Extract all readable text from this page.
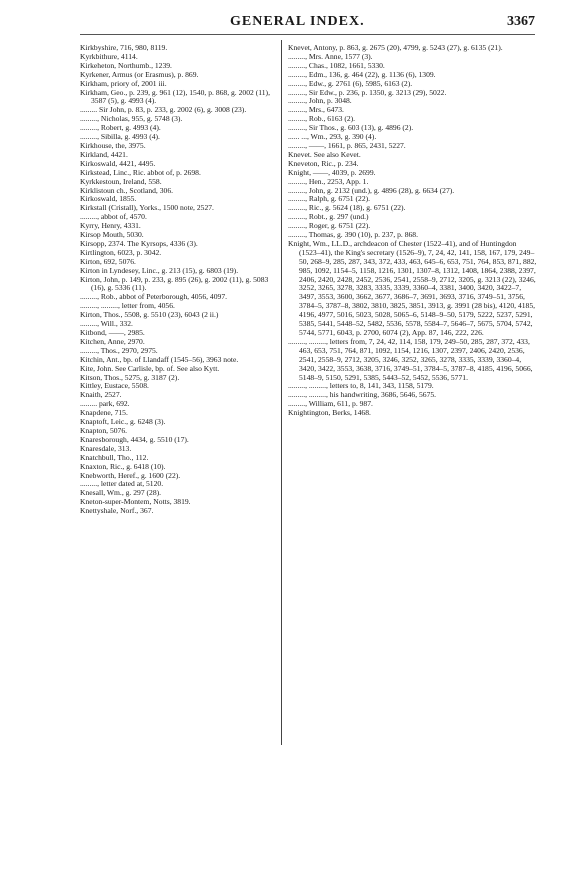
GENERAL INDEX.	3367
Kirkbyshire, 716, 980, 8119.
Kyrkbithure, 4114.
Kirkeheton, Northumb., 1239.
Kyrkener, Armus (or Erasmus), p. 869.
Kirkham, priory of, 2001 iii.
Kirkham, Geo., p. 239, g. 961 (12), 1540, p. 868, g. 2002 (11), 3587 (5), g. 4993 (4).
......... Sir John, p. 83, p. 233, g. 2002 (6), g. 3008 (23).
........., Nicholas, 955, g. 5748 (3).
........., Robert, g. 4993 (4).
........., Sibilla, g. 4993 (4).
Kirkhouse, the, 3975.
Kirkland, 4421.
Kirkoswald, 4421, 4495.
Kirkstead, Linc., Ric. abbot of, p. 2698.
Kyrkkestoun, Ireland, 558.
Kirklistoun ch., Scotland, 306.
Kirkoswald, 1855.
Kirkstall (Cristall), Yorks., 1500 note, 2527.
........., abbot of, 4570.
Kyrry, Henry, 4331.
Kirsop Mouth, 5030.
Kirsopp, 2374. The Kyrsops, 4336 (3).
Kirtlington, 6023, p. 3042.
Kirton, 692, 5076.
Kirton in Lyndesey, Linc., g. 213 (15), g. 6803 (19).
Kirton, John, p. 149, p. 233, g. 895 (26), g. 2002 (11), g. 5083 (16), g. 5336 (11).
........., Rob., abbot of Peterborough, 4056, 4097.
........., ........., letter from, 4056.
Kirton, Thos., 5508, g. 5510 (23), 6043 (2 ii.)
........., Will., 332.
Kitbond, ——, 2985.
Kitchen, Anne, 2970.
........., Thos., 2970, 2975.
Kitchin, Ant., bp. of Llandaff (1545–56), 3963 note.
Kite, John. See Carlisle, bp. of. See also Kytt.
Kitson, Thos., 5275, g. 3187 (2).
Kittley, Eustace, 5508.
Knaith, 2527.
......... park, 692.
Knapdene, 715.
Knaptoft, Leic., g. 6248 (3).
Knapton, 5076.
Knaresborough, 4434, g. 5510 (17).
Knaresdale, 313.
Knatchbull, Tho., 112.
Knaxton, Ric., g. 6418 (10).
Knebworth, Heref., g. 1600 (22).
........., letter dated at, 5120.
Knesall, Wm., g. 297 (28).
Kneton-super-Montem, Notts, 3819.
Knettyshale, Norf., 367.
Knevet, Antony, p. 863, g. 2675 (20), 4799, g. 5243 (27), g. 6135 (21).
........., Mrs. Anne, 1577 (3).
........., Chas., 1082, 1661, 5330.
........., Edm., 136, g. 464 (22), g. 1136 (6), 1309.
........., Edw., g. 2761 (6), 5985, 6163 (2).
........., Sir Edw., p. 236, p. 1350, g. 3213 (29), 5022.
........., John, p. 3048.
........., Mrs., 6473.
........., Rob., 6163 (2).
........., Sir Thos., g. 603 (13), g. 4896 (2).
...... ..., Wm., 293, g. 390 (4).
........., ——, 1661, p. 865, 2431, 5227.
Knevet. See also Kevet.
Kneveton, Ric., p. 234.
Knight, ——, 4039, p. 2699.
........., Hen., 2253, App. 1.
........., John, g. 2132 (und.), g. 4896 (28), g. 6634 (27).
........., Ralph, g. 6751 (22).
........., Ric., g. 5624 (18), g. 6751 (22).
........., Robt., g. 297 (und.)
........., Roger, g. 6751 (22).
........., Thomas, g. 390 (10), p. 237, p. 868.
Knight, Wm., LL.D., archdeacon of Chester (1522–41), and of Huntingdon (1523–41), the King's secretary (1526–9), 7, 24, 42, 141, 158, 167, 179, 249–50, 268–9, 285, 287, 343, 372, 433, 463, 645–6, 653, 751, 764, 853, 871, 882, 985, 1092, 1154–5, 1158, 1216, 1301, 1307–8, 1312, 1408, 1864, 2388, 2397, 2406, 2420, 2428, 2452, 2536, 2541, 2558–9, 2712, 3205, g. 3213 (22), 3246, 3252, 3265, 3278, 3283, 3335, 3339, 3360–4, 3381, 3400, 3420, 3422–7, 3497, 3553, 3600, 3662, 3677, 3686–7, 3691, 3693, 3716, 3749–51, 3756, 3784–5, 3787–8, 3802, 3810, 3825, 3851, 3913, g. 3991 (28 bis), 4120, 4185, 4196, 4977, 5016, 5023, 5028, 5065–6, 5148–9–50, 5179, 5222, 5237, 5291, 5385, 5441, 5448–52, 5482, 5536, 5578, 5584–7, 5646–7, 5675, 5704, 5742, 5744, 5771, 6043, p. 2700, 6074 (2), App. 87, 146, 222, 226.
........., ........., letters from, 7, 24, 42, 114, 158, 179, 249–50, 285, 287, 372, 433, 463, 653, 751, 764, 871, 1092, 1154, 1216, 1307, 2397, 2406, 2420, 2536, 2541, 2558–9, 2712, 3205, 3246, 3252, 3265, 3278, 3335, 3339, 3360–4, 3420, 3422, 3553, 3638, 3716, 3749–51, 3784–5, 3787–8, 4185, 4196, 5066, 5148–9, 5150, 5291, 5385, 5443–52, 5452, 5536, 5771.
........., ........., letters to, 8, 141, 343, 1158, 5179.
........., ........., his handwriting, 3686, 5646, 5675.
........., William, 611, p. 987.
Knightington, Berks, 1468.
